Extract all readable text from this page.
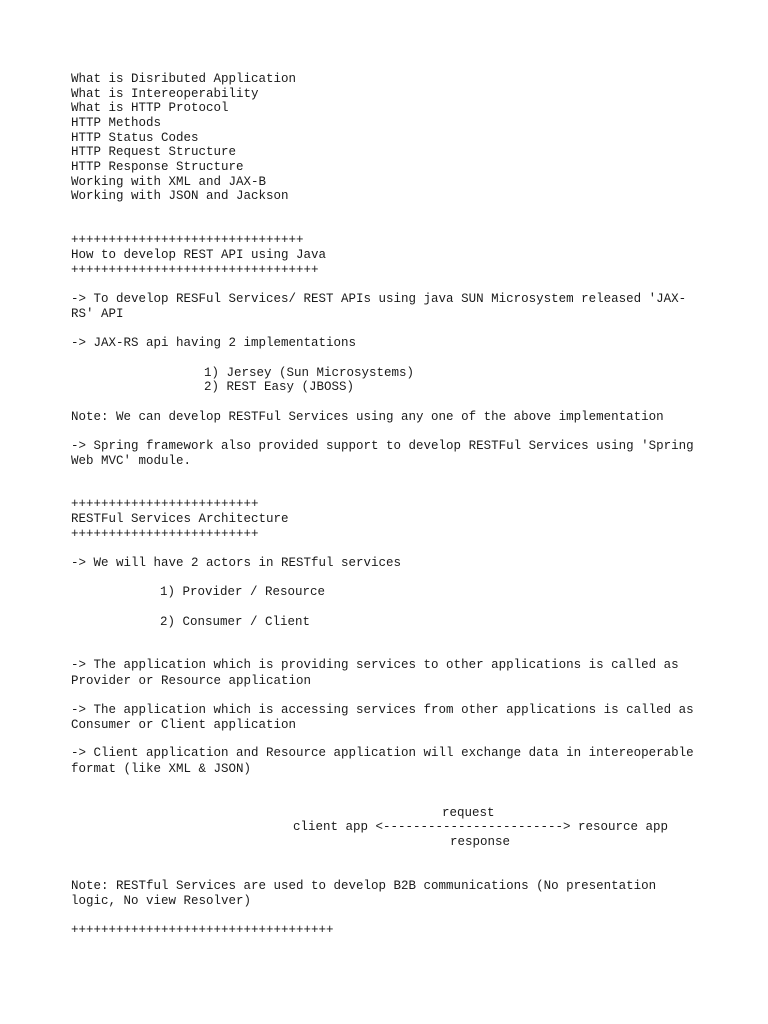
What is Disributed Application

What is Intereoperability

What is HTTP Protocol

HTTP Methods

HTTP Status Codes

HTTP Request Structure

HTTP Response Structure

Working with XML and JAX-B

Working with JSON and Jackson

+++++++++++++++++++++++++++++++

How to develop REST API using Java

+++++++++++++++++++++++++++++++++

-> To develop RESFul Services/ REST APIs using java SUN Microsystem released 'JAX-

RS' API

-> JAX-RS api having 2 implementations

1) Jersey (Sun Microsystems)

2) REST Easy (JBOSS)

Note: We can develop RESTFul Services using any one of the above implementation

-> Spring framework also provided support to develop RESTFul Services using 'Spring

Web MVC' module.

+++++++++++++++++++++++++

RESTFul Services Architecture

+++++++++++++++++++++++++

-> We will have 2 actors in RESTful services

1) Provider / Resource

2) Consumer / Client

-> The application which is providing services to other applications is called as

Provider or Resource application

-> The application which is accessing services from other applications is called as

Consumer or Client application

-> Client application and Resource application will exchange data in intereoperable

format (like XML & JSON)

request

client app <------------------------> resource app

response

Note: RESTful Services are used to develop B2B communications (No presentation

logic, No view Resolver)

+++++++++++++++++++++++++++++++++++
